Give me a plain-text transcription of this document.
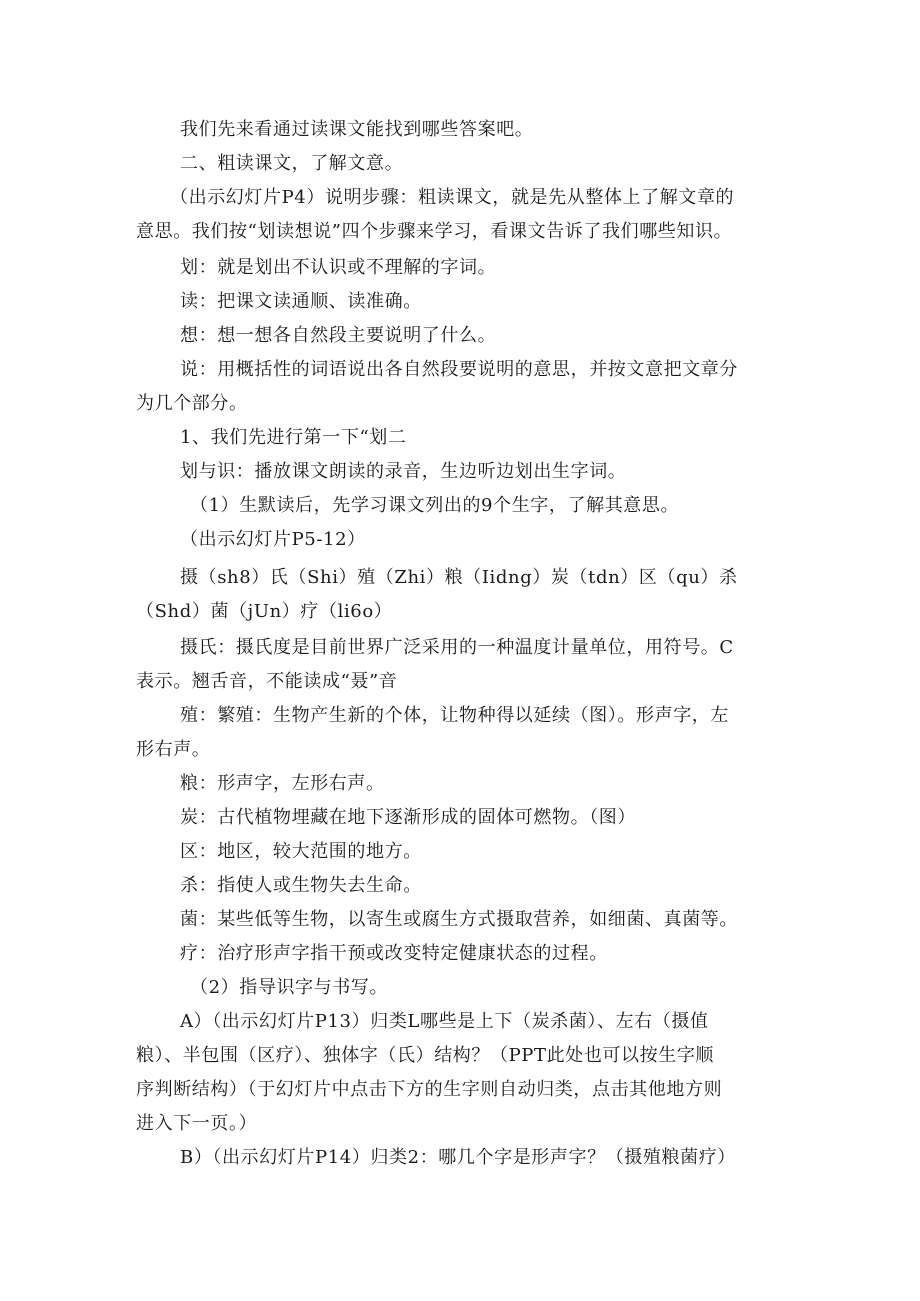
我们先来看通过读课文能找到哪些答案吧。
二、粗读课文，了解文意。
（出示幻灯片P4）说明步骤：粗读课文，就是先从整体上了解文章的
意思。我们按“划读想说”四个步骤来学习，看课文告诉了我们哪些知识。
划：就是划出不认识或不理解的字词。
读：把课文读通顺、读准确。
想：想一想各自然段主要说明了什么。
说：用概括性的词语说出各自然段要说明的意思，并按文意把文章分
为几个部分。
1、我们先进行第一下“划二
划与识：播放课文朗读的录音，生边听边划出生字词。
（1）生默读后，先学习课文列出的9个生字，了解其意思。
（出示幻灯片P5-12）
摄（sh8）氏（Shi）殖（Zhi）粮（Iidng）炭（tdn）区（qu）杀
（Shd）菌（jUn）疗（li6o）
摄氏：摄氏度是目前世界广泛采用的一种温度计量单位，用符号。C
表示。翘舌音，不能读成“聂”音
殖：繁殖：生物产生新的个体，让物种得以延续（图）。形声字，左
形右声。
粮：形声字，左形右声。
炭：古代植物埋藏在地下逐渐形成的固体可燃物。（图）
区：地区，较大范围的地方。
杀：指使人或生物失去生命。
菌：某些低等生物，以寄生或腐生方式摄取营养，如细菌、真菌等。
疗：治疗形声字指干预或改变特定健康状态的过程。
（2）指导识字与书写。
A）（出示幻灯片P13）归类L哪些是上下（炭杀菌）、左右（摄值
粮）、半包围（区疗）、独体字（氏）结构？（PPT此处也可以按生字顺
序判断结构）（于幻灯片中点击下方的生字则自动归类，点击其他地方则
进入下一页。）
B）（出示幻灯片P14）归类2：哪几个字是形声字？（摄殖粮菌疗）
